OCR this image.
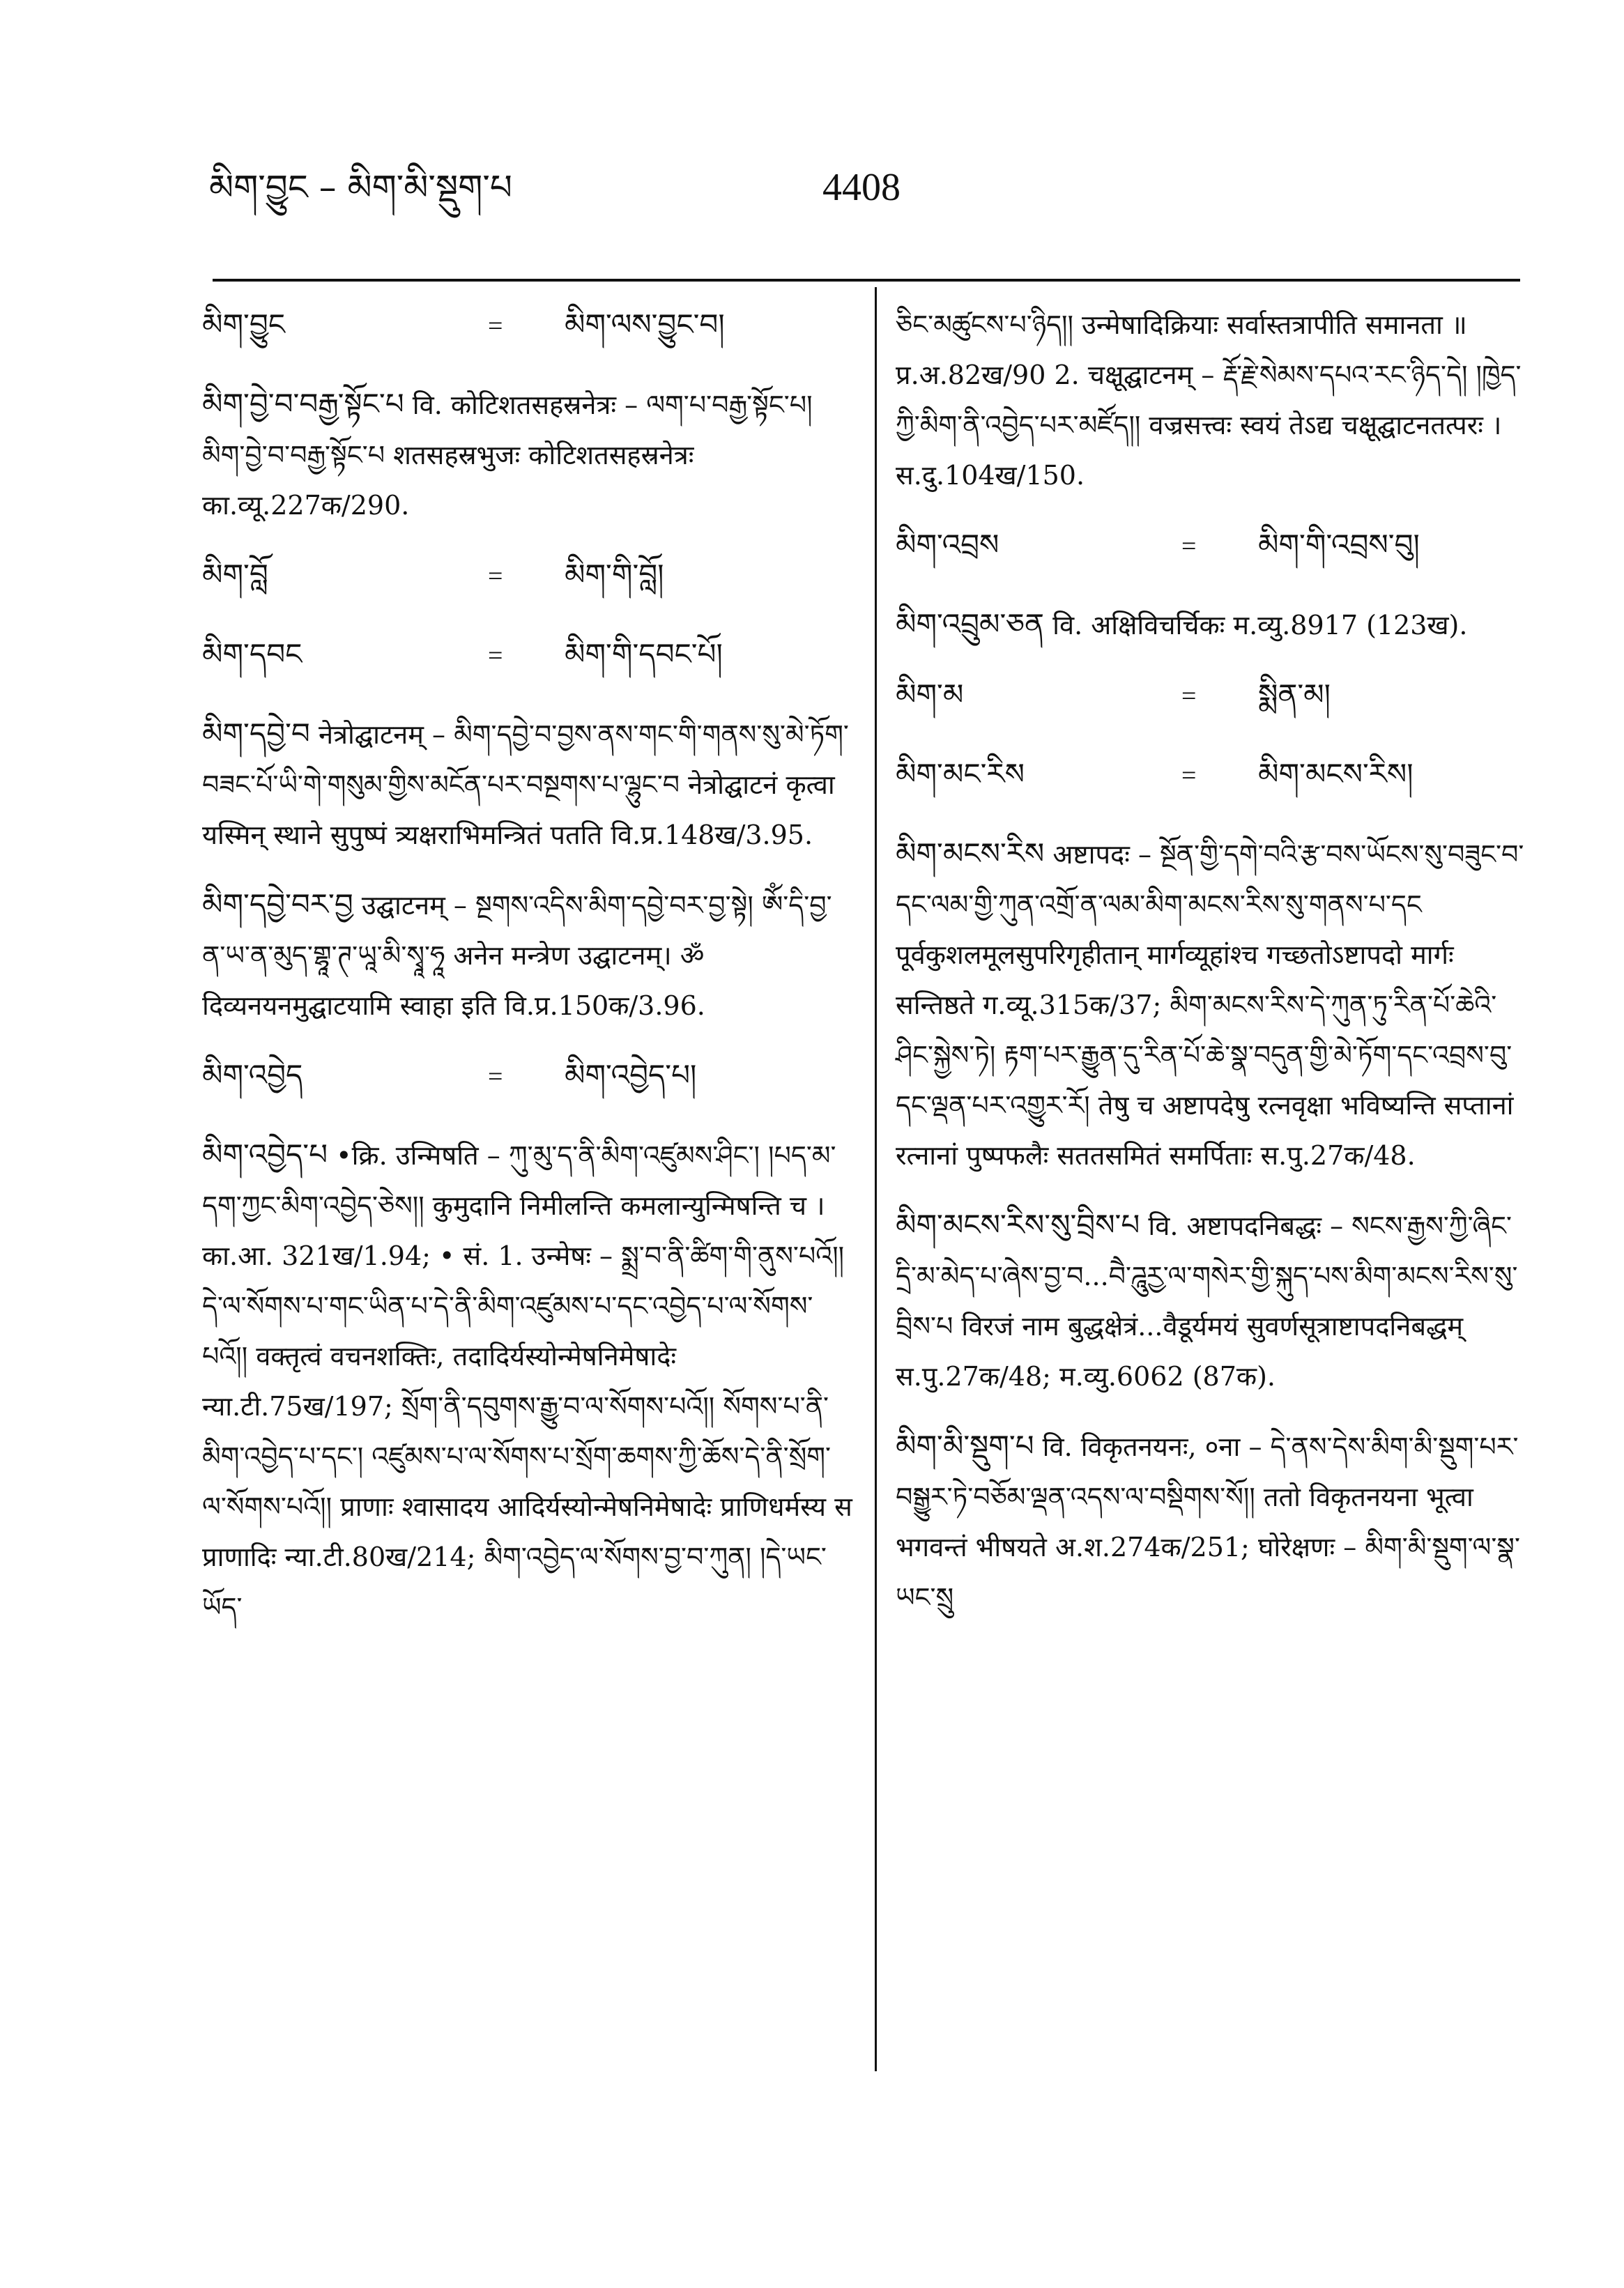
མིག་བྱུང – མིག་མི་སྡུག་པ	4408
མིག་བྱུང	=	མིག་ལས་བྱུང་བ།
མིག་བྱེ་བ་བརྒྱ་སྟོང་པ वि. कोटिशतसहस्रनेत्रः – ལག་པ་བརྒྱ་སྟོང་པ། མིག་བྱེ་བ་བརྒྱ་སྟོང་པ शतसहस्रभुजः कोटिशतसहस्रनेत्रः का.व्यू.227क/290.
མིག་བློ	=	མིག་གི་བློ།
མིག་དབང	=	མིག་གི་དབང་པོ།
མིག་དབྱེ་བ नेत्रोद्घाटनम् – མིག་དབྱེ་བ་བྱས་ནས་གང་གི་གནས་སུ་མེ་ཏོག་བཟང་པོ་ཡི་གེ་གསུམ་གྱིས་མངོན་པར་བསྔགས་པ་ལྷུང་བ नेत्रोद्घाटनं कृत्वा यस्मिन् स्थाने सुपुष्पं त्र्यक्षराभिमन्त्रितं पतति वि.प्र.148ख/3.95.
མིག་དབྱེ་བར་བྱ उद्घाटनम् – སྔགས་འདིས་མིག་དབྱེ་བར་བྱ་སྟེ། ཨོཾ་དི་བྱ་ན་ཡ་ན་མུད་གྷཱ་ཊ་ཡཱ་མི་སྭཱ་ཧཱ अनेन मन्त्रेण उद्घाटनम्। ॐ दिव्यनयनमुद्घाटयामि स्वाहा इति वि.प्र.150क/3.96.
མིག་འབྱེད	=	མིག་འབྱེད་པ།
མིག་འབྱེད་པ •क्रि. उन्मिषति – ཀུ་མུ་ད་ནི་མིག་འཛུམས་ཤིང་། །པད་མ་དག་ཀྱང་མིག་འབྱེད་ཅེས།། कुमुदानि निमीलन्ति कमलान्युन्मिषन्ति च । का.आ. 321ख/1.94; • सं. 1. उन्मेषः – སྨྲ་བ་ནི་ཚིག་གི་ནུས་པའོ།། དེ་ལ་སོགས་པ་གང་ཡིན་པ་དེ་ནི་མིག་འཛུམས་པ་དང་འབྱེད་པ་ལ་སོགས་པའོ།། वक्तृत्वं वचनशक्तिः, तदादिर्यस्योन्मेषनिमेषादेः न्या.टी.75ख/197; སྲོག་ནི་དབུགས་རྒྱུ་བ་ལ་སོགས་པའོ།། སོགས་པ་ནི་མིག་འབྱེད་པ་དང་། འཛུམས་པ་ལ་སོགས་པ་སྲོག་ཆགས་ཀྱི་ཆོས་དེ་ནི་སྲོག་ལ་སོགས་པའོ།། प्राणाः श्वासादय आदिर्यस्योन्मेषनिमेषादेः प्राणिधर्मस्य स प्राणादिः न्या.टी.80ख/214; མིག་འབྱེད་ལ་སོགས་བྱ་བ་ཀུན། །དེ་ཡང་ཡོད་
ཅིང་མཚུངས་པ་ཉིད།། उन्मेषादिक्रियाः सर्वास्तत्रापीति समानता ॥ प्र.अ.82ख/90 2. चक्षूद्घाटनम् – རྡོ་རྗེ་སེམས་དཔའ་རང་ཉིད་དེ། །ཁྱེད་ཀྱི་མིག་ནི་འབྱེད་པར་མཛོད།། वज्रसत्त्वः स्वयं तेऽद्य चक्षूद्घाटनतत्परः । स.दु.104ख/150.
མིག་འབྲས	=	མིག་གི་འབྲས་བུ།
མིག་འབྲུམ་ཅན वि. अक्षिविचर्चिकः म.व्यु.8917 (123ख).
མིག་མ	=	སྨིན་མ།
མིག་མང་རིས	=	མིག་མངས་རིས།
མིག་མངས་རིས अष्टापदः – སྔོན་གྱི་དགེ་བའི་རྩ་བས་ཡོངས་སུ་བཟུང་བ་དང་ལམ་གྱི་ཀུན་འགྲོ་ན་ལམ་མིག་མངས་རིས་སུ་གནས་པ་དང पूर्वकुशलमूलसुपरिगृहीतान् मार्गव्यूहांश्च गच्छतोऽष्टापदो मार्गः सन्तिष्ठते ग.व्यू.315क/37; མིག་མངས་རིས་དེ་ཀུན་ཏུ་རིན་པོ་ཆེའི་ཤིང་སྐྱེས་ཏེ། རྟག་པར་རྒྱུན་དུ་རིན་པོ་ཆེ་སྣ་བདུན་གྱི་མེ་ཏོག་དང་འབྲས་བུ་དང་ལྡན་པར་འགྱུར་རོ། तेषु च अष्टापदेषु रत्नवृक्षा भविष्यन्ति सप्तानां रत्नानां पुष्पफलैः सततसमितं समर्पिताः स.पु.27क/48.
མིག་མངས་རིས་སུ་བྲིས་པ वि. अष्टापदनिबद्धः – སངས་རྒྱས་ཀྱི་ཞིང་དྲི་མ་མེད་པ་ཞེས་བྱ་བ...བཻ་ཌཱུརྱ་ལ་གསེར་གྱི་སྐུད་པས་མིག་མངས་རིས་སུ་བྲིས་པ विरजं नाम बुद्धक्षेत्रं...वैडूर्यमयं सुवर्णसूत्राष्टापदनिबद्धम् स.पु.27क/48; म.व्यु.6062 (87क).
མིག་མི་སྡུག་པ वि. विकृतनयनः, ०ना – དེ་ནས་དེས་མིག་མི་སྡུག་པར་བསྒྱུར་ཏེ་བཅོམ་ལྡན་འདས་ལ་བསྡིགས་སོ།། ततो विकृतनयना भूत्वा भगवन्तं भीषयते अ.श.274क/251; घोरेक्षणः – མིག་མི་སྡུག་ལ་སྣ་ཡང་སྲུ
